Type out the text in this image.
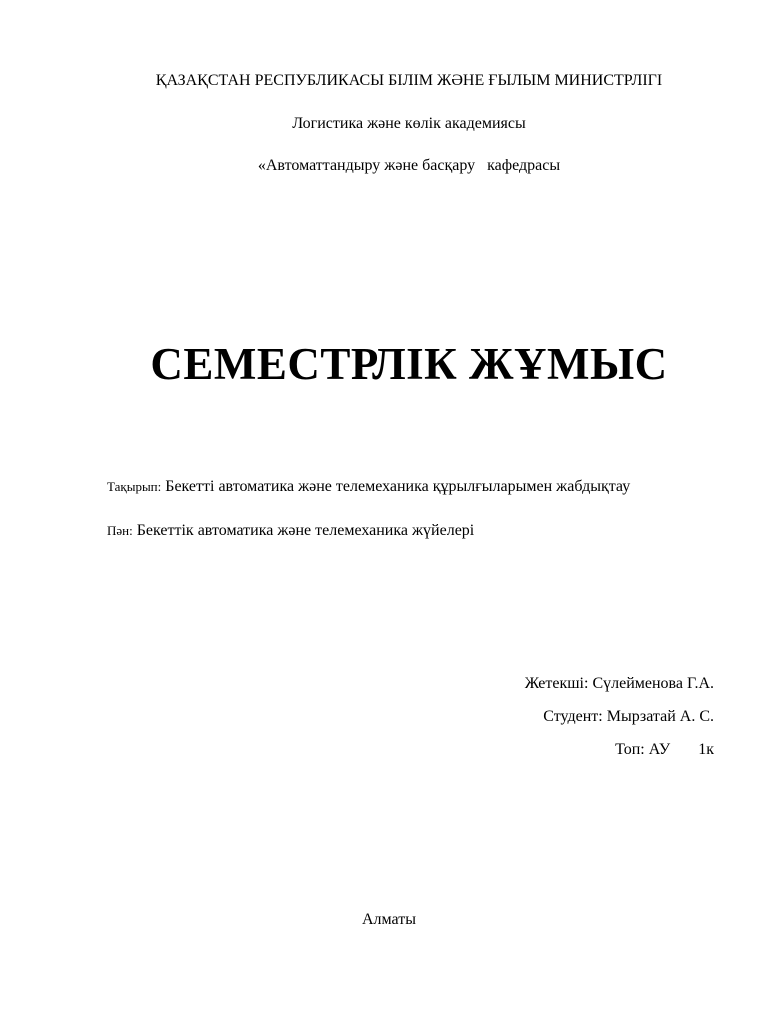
ҚАЗАҚСТАН РЕСПУБЛИКАСЫ БІЛІМ ЖӘНЕ ҒЫЛЫМ МИНИСТРЛІГІ

Логистика және көлік академиясы

«Автоматтандыру және басқару   кафедрасы

СЕМЕСТРЛІК ЖҰМЫС

Тақырып: Бекетті автоматика және телемеханика құрылғыларымен жабдықтау

Пән: Бекеттік автоматика және телемеханика жүйелері

Жетекші: Сүлейменова Г.А.

Студент: Мырзатай А. С.

Топ: АУ 1к

Алматы
